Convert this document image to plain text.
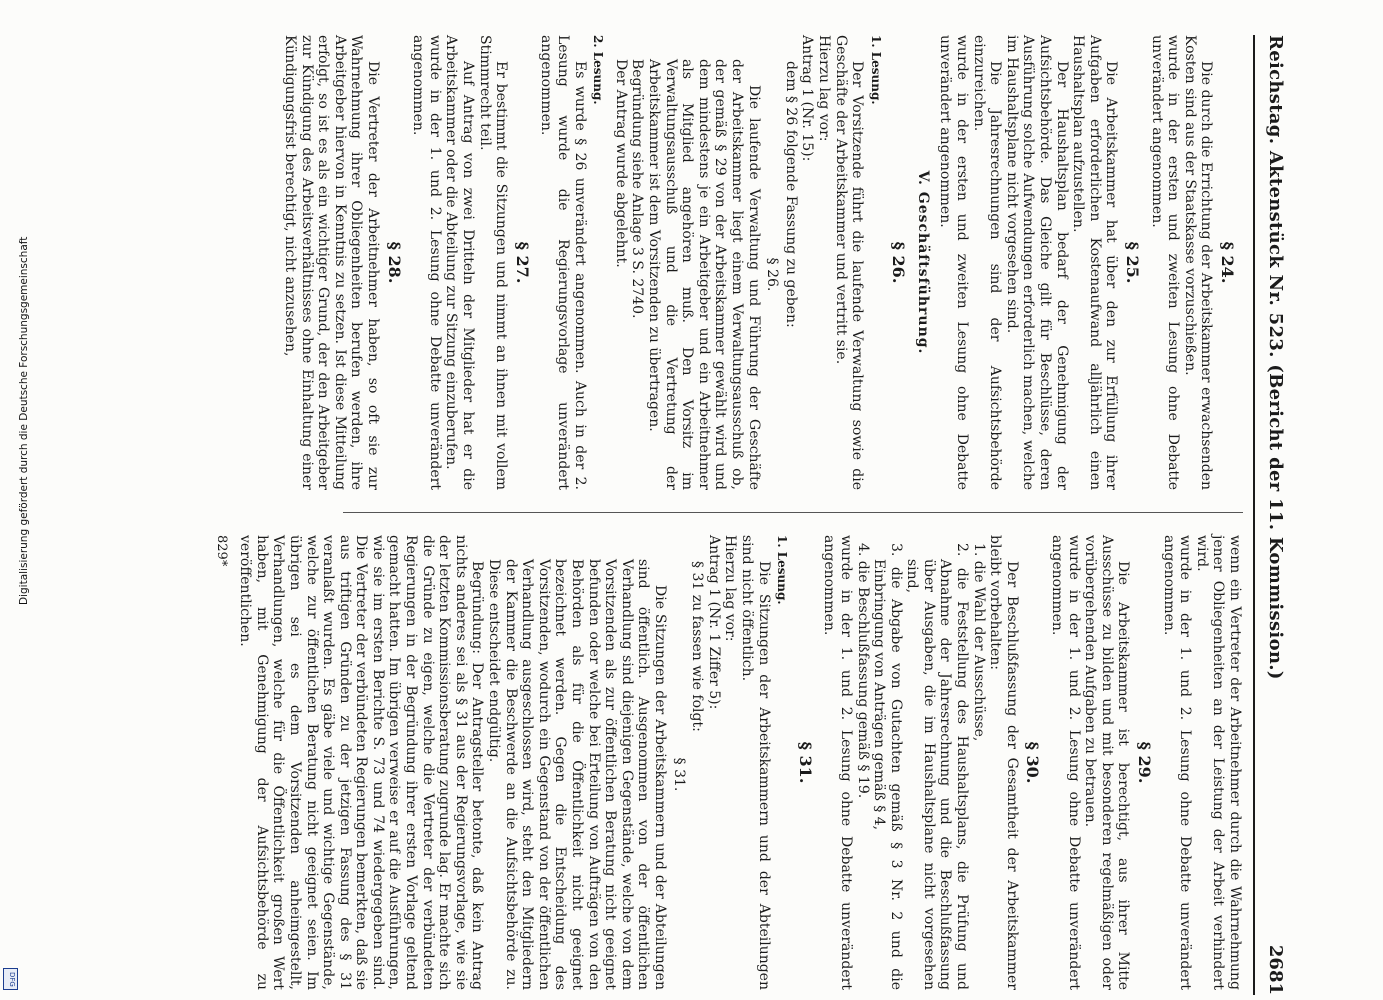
Reichstag. Aktenstück Nr. 523. (Bericht der 11. Kommission.)
2681
§ 24.

Die durch die Errichtung der Arbeitskammer erwachsenden Kosten sind aus der Staatskasse vorzuschießen.

wurde in der ersten und zweiten Lesung ohne Debatte unverändert angenommen.

§ 25.

Die Arbeitskammer hat über den zur Erfüllung ihrer Aufgaben erforderlichen Kostenaufwand alljährlich einen Haushaltsplan aufzustellen.

Der Haushaltsplan bedarf der Genehmigung der Aufsichtsbehörde. Das Gleiche gilt für Beschlüsse, deren Ausführung solche Aufwendungen erforderlich machen, welche im Haushaltsplane nicht vorgesehen sind.

Die Jahresrechnungen sind der Aufsichtsbehörde einzureichen.

wurde in der ersten und zweiten Lesung ohne Debatte unverändert angenommen.

V. Geschäftsführung.
§ 26.
1. Lesung.

Der Vorsitzende führt die laufende Verwaltung sowie die Geschäfte der Arbeitskammer und vertritt sie.

Hierzu lag vor:

Antrag 1 (Nr. 15):

dem § 26 folgende Fassung zu geben:

§ 26.

Die laufende Verwaltung und Führung der Geschäfte der Arbeitskammer liegt einem Verwaltungsausschuß ob, der gemäß § 29 von der Arbeitskammer gewählt wird und dem mindestens je ein Arbeitgeber und ein Arbeitnehmer als Mitglied angehören muß. Den Vorsitz im Verwaltungsausschuß und die Vertretung der Arbeitskammer ist dem Vorsitzenden zu übertragen.

Begründung siehe Anlage 3 S. 2740.

Der Antrag wurde abgelehnt.

2. Lesung.

Es wurde § 26 unverändert angenommen. Auch in der 2. Lesung wurde die Regierungsvorlage unverändert angenommen.

§ 27.

Er bestimmt die Sitzungen und nimmt an ihnen mit vollem Stimmrecht teil.

Auf Antrag von zwei Dritteln der Mitglieder hat er die Arbeitskammer oder die Abteilung zur Sitzung einzuberufen.

wurde in der 1. und 2. Lesung ohne Debatte unverändert angenommen.

§ 28.

Die Vertreter der Arbeitnehmer haben, so oft sie zur Wahrnehmung ihrer Obliegenheiten berufen werden, ihre Arbeitgeber hiervon in Kenntnis zu setzen. Ist diese Mitteilung erfolgt, so ist es als ein wichtiger Grund, der den Arbeitgeber zur Kündigung des Arbeitsverhältnisses ohne Einhaltung einer Kündigungsfrist berechtigt, nicht anzusehen,

wenn ein Vertreter der Arbeitnehmer durch die Wahrnehmung jener Obliegenheiten an der Leistung der Arbeit verhindert wird.

wurde in der 1. und 2. Lesung ohne Debatte unverändert angenommen.

§ 29.

Die Arbeitskammer ist berechtigt, aus ihrer Mitte Ausschüsse zu bilden und mit besonderen regelmäßigen oder vorübergehenden Aufgaben zu betrauen.

wurde in der 1. und 2. Lesung ohne Debatte unverändert angenommen.

§ 30.

Der Beschlußfassung der Gesamtheit der Arbeitskammer bleibt vorbehalten:

1. die Wahl der Ausschüsse,

2. die Feststellung des Haushaltsplans, die Prüfung und Abnahme der Jahresrechnung und die Beschlußfassung über Ausgaben, die im Haushaltsplane nicht vorgesehen sind,

3. die Abgabe von Gutachten gemäß § 3 Nr. 2 und die Einbringung von Anträgen gemäß § 4,

4. die Beschlußfassung gemäß § 19.

wurde in der 1. und 2. Lesung ohne Debatte unverändert angenommen.

§ 31.
1. Lesung.

Die Sitzungen der Arbeitskammern und der Abteilungen sind nicht öffentlich.

Hierzu lag vor:

Antrag 1 (Nr. 1 Ziffer 5):

§ 31 zu fassen wie folgt:

§ 31.

Die Sitzungen der Arbeitskammern und der Abteilungen sind öffentlich. Ausgenommen von der öffentlichen Verhandlung sind diejenigen Gegenstände, welche von dem Vorsitzenden als zur öffentlichen Beratung nicht geeignet befunden oder welche bei Erteilung von Aufträgen von den Behörden als für die Öffentlichkeit nicht geeignet bezeichnet werden. Gegen die Entscheidung des Vorsitzenden, wodurch ein Gegenstand von der öffentlichen Verhandlung ausgeschlossen wird, steht den Mitgliedern der Kammer die Beschwerde an die Aufsichtsbehörde zu. Diese entscheidet endgültig.

Begründung: Der Antragsteller betonte, daß kein Antrag nichts anderes sei als § 31 aus der Regierungsvorlage, wie sie der letzten Kommissionsberatung zugrunde lag. Er machte sich die Gründe zu eigen, welche die Vertreter der verbündeten Regierungen in der Begründung ihrer ersten Vorlage geltend gemacht hatten. Im übrigen verweise er auf die Ausführungen, wie sie im ersten Berichte S. 73 und 74 wiedergegeben sind. Die Vertreter der verbündeten Regierungen bemerkten, daß sie aus triftigen Gründen zu der jetzigen Fassung des § 31 veranlaßt wurden. Es gäbe viele und wichtige Gegenstände, welche zur öffentlichen Beratung nicht geeignet seien. Im übrigen sei es dem Vorsitzenden anheimgestellt, Verhandlungen, welche für die Öffentlichkeit großen Wert haben, mit Genehmigung der Aufsichtsbehörde zu veröffentlichen.

829*
Digitalisierung gefördert durch die Deutsche Forschungsgemeinschaft
DFG
